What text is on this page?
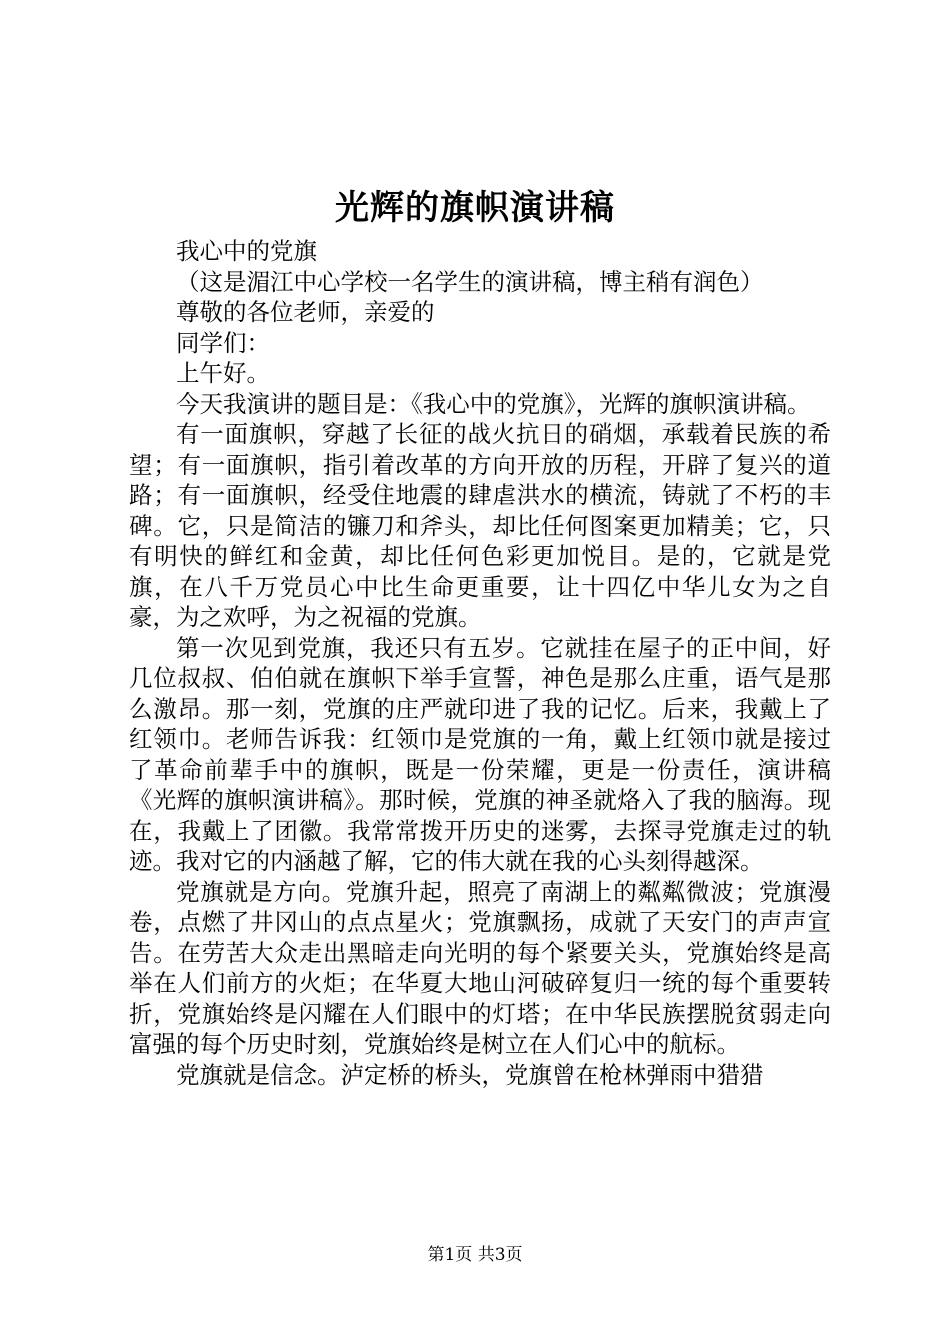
光辉的旗帜演讲稿

我心中的党旗

（这是湄江中心学校一名学生的演讲稿，博主稍有润色）

尊敬的各位老师，亲爱的

同学们：

上午好。

今天我演讲的题目是：《我心中的党旗》，光辉的旗帜演讲稿。

有一面旗帜，穿越了长征的战火抗日的硝烟，承载着民族的希望；有一面旗帜，指引着改革的方向开放的历程，开辟了复兴的道路；有一面旗帜，经受住地震的肆虐洪水的横流，铸就了不朽的丰碑。它，只是简洁的镰刀和斧头，却比任何图案更加精美；它，只有明快的鲜红和金黄，却比任何色彩更加悦目。是的，它就是党旗，在八千万党员心中比生命更重要，让十四亿中华儿女为之自豪，为之欢呼，为之祝福的党旗。

第一次见到党旗，我还只有五岁。它就挂在屋子的正中间，好几位叔叔、伯伯就在旗帜下举手宣誓，神色是那么庄重，语气是那么激昂。那一刻，党旗的庄严就印进了我的记忆。后来，我戴上了红领巾。老师告诉我：红领巾是党旗的一角，戴上红领巾就是接过了革命前辈手中的旗帜，既是一份荣耀，更是一份责任，演讲稿《光辉的旗帜演讲稿》。那时候，党旗的神圣就烙入了我的脑海。现在，我戴上了团徽。我常常拨开历史的迷雾，去探寻党旗走过的轨迹。我对它的内涵越了解，它的伟大就在我的心头刻得越深。

党旗就是方向。党旗升起，照亮了南湖上的粼粼微波；党旗漫卷，点燃了井冈山的点点星火；党旗飘扬，成就了天安门的声声宣告。在劳苦大众走出黑暗走向光明的每个紧要关头，党旗始终是高举在人们前方的火炬；在华夏大地山河破碎复归一统的每个重要转折，党旗始终是闪耀在人们眼中的灯塔；在中华民族摆脱贫弱走向富强的每个历史时刻，党旗始终是树立在人们心中的航标。

党旗就是信念。泸定桥的桥头，党旗曾在枪林弹雨中猎猎

第1页 共3页
